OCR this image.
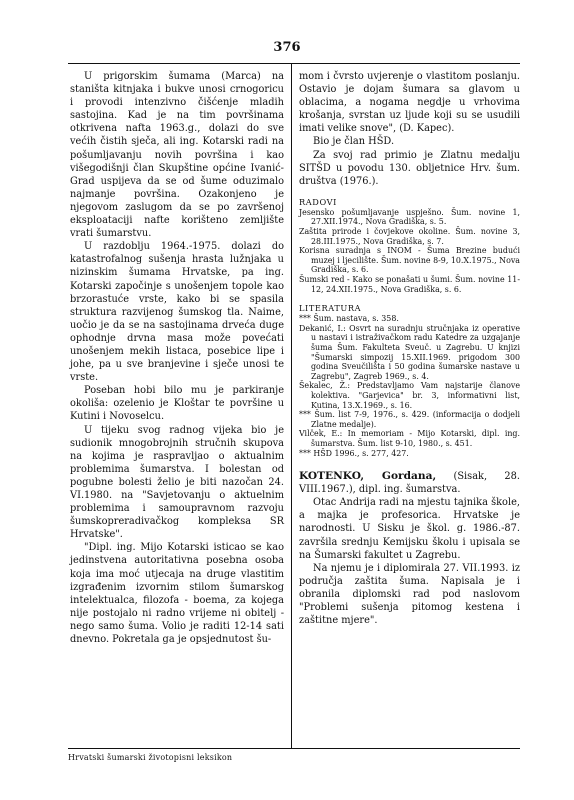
376

U prigorskim šumama (Marca) na staništa kitnjaka i bukve unosi crnogoricu i provodi intenzivno čišćenje mladih sastojina. Kad je na tim površinama otkrivena nafta 1963.g., dolazi do sve većih čistih sječa, ali ing. Kotarski radi na pošumljavanju novih površina i kao višegodišnji član Skupštine općine Ivanić-Grad uspijeva da se od šume oduzimalo najmanje površina. Ozakonjeno je njegovom zaslugom da se po završenoj eksploataciji nafte korišteno zemljište vrati šumarstvu.

U razdoblju 1964.-1975. dolazi do katastrofalnog sušenja hrasta lužnjaka u nizinskim šumama Hrvatske, pa ing. Kotarski započinje s unošenjem topole kao brzorastuće vrste, kako bi se spasila struktura razvijenog šumskog tla. Naime, uočio je da se na sastojinama drveća duge ophodnje drvna masa može povećati unošenjem mekih listaca, posebice lipe i johe, pa u sve branjevine i sječe unosi te vrste.

Poseban hobi bilo mu je parkiranje okoliša: ozelenio je Kloštar te površine u Kutini i Novoselcu.

U tijeku svog radnog vijeka bio je sudionik mnogobrojnih stručnih skupova na kojima je raspravljao o aktualnim problemima šumarstva. I bolestan od pogubne bolesti želio je biti nazočan 24. VI.1980. na "Savjetovanju o aktuelnim problemima i samoupravnom razvoju šumskopreradivačkog kompleksa SR Hrvatske".

"Dipl. ing. Mijo Kotarski isticao se kao jedinstvena autoritativna posebna osoba koja ima moć utjecaja na druge vlastitim izgrađenim izvornim stilom šumarskog intelektualca, filozofa - boema, za kojega nije postojalo ni radno vrijeme ni obitelj - nego samo šuma. Volio je raditi 12-14 sati dnevno. Pokretala ga je opsjednutost šu-

mom i čvrsto uvjerenje o vlastitom poslanju. Ostavio je dojam šumara sa glavom u oblacima, a nogama negdje u vrhovima krošanja, svrstan uz ljude koji su se usudili imati velike snove", (D. Kapec).

Bio je član HŠD.

Za svoj rad primio je Zlatnu medalju SITŠD u povodu 130. obljetnice Hrv. šum. društva (1976.).

RADOVI

Jesensko pošumljavanje uspješno. Šum. novine 1, 27.XII.1974., Nova Gradiška, s. 5.

Zaštita prirode i čovjekove okoline. Šum. novine 3, 28.III.1975., Nova Gradiška, s. 7.

Korisna suradnja s INOM - Šuma Brezine budući muzej i ljecilište. Šum. novine 8-9, 10.X.1975., Nova Gradiška, s. 6.

Šumski red - Kako se ponašati u šumi. Šum. novine 11-12, 24.XII.1975., Nova Gradiška, s. 6.

LITERATURA

*** Šum. nastava, s. 358.

Dekanić, I.: Osvrt na suradnju stručnjaka iz operative u nastavi i istraživačkom radu Katedre za uzgajanje šuma Šum. Fakulteta Sveuč. u Zagrebu. U knjizi "Šumarski simpozij 15.XII.1969. prigodom 300 godina Sveučilišta i 50 godina šumarske nastave u Zagrebu", Zagreb 1969., s. 4.

Šekalec, Ž.: Predstavljamo Vam najstarije članove kolektiva. "Garjevica" br. 3, informativni list, Kutina, 13.X.1969., s. 16.

*** Šum. list 7-9, 1976., s. 429. (informacija o dodjeli Zlatne medalje).

Vilček, E.: In memoriam - Mijo Kotarski, dipl. ing. šumarstva. Šum. list 9-10, 1980., s. 451.

*** HŠD 1996., s. 277, 427.

KOTENKO, Gordana, (Sisak, 28. VIII.1967.), dipl. ing. šumarstva.

Otac Andrija radi na mjestu tajnika škole, a majka je profesorica. Hrvatske je narodnosti. U Sisku je škol. g. 1986.-87. završila srednju Kemijsku školu i upisala se na Šumarski fakultet u Zagrebu.

Na njemu je i diplomirala 27. VII.1993. iz područja zaštita šuma. Napisala je i obranila diplomski rad pod naslovom "Problemi sušenja pitomog kestena i zaštitne mjere".

Hrvatski šumarski životopisni leksikon
